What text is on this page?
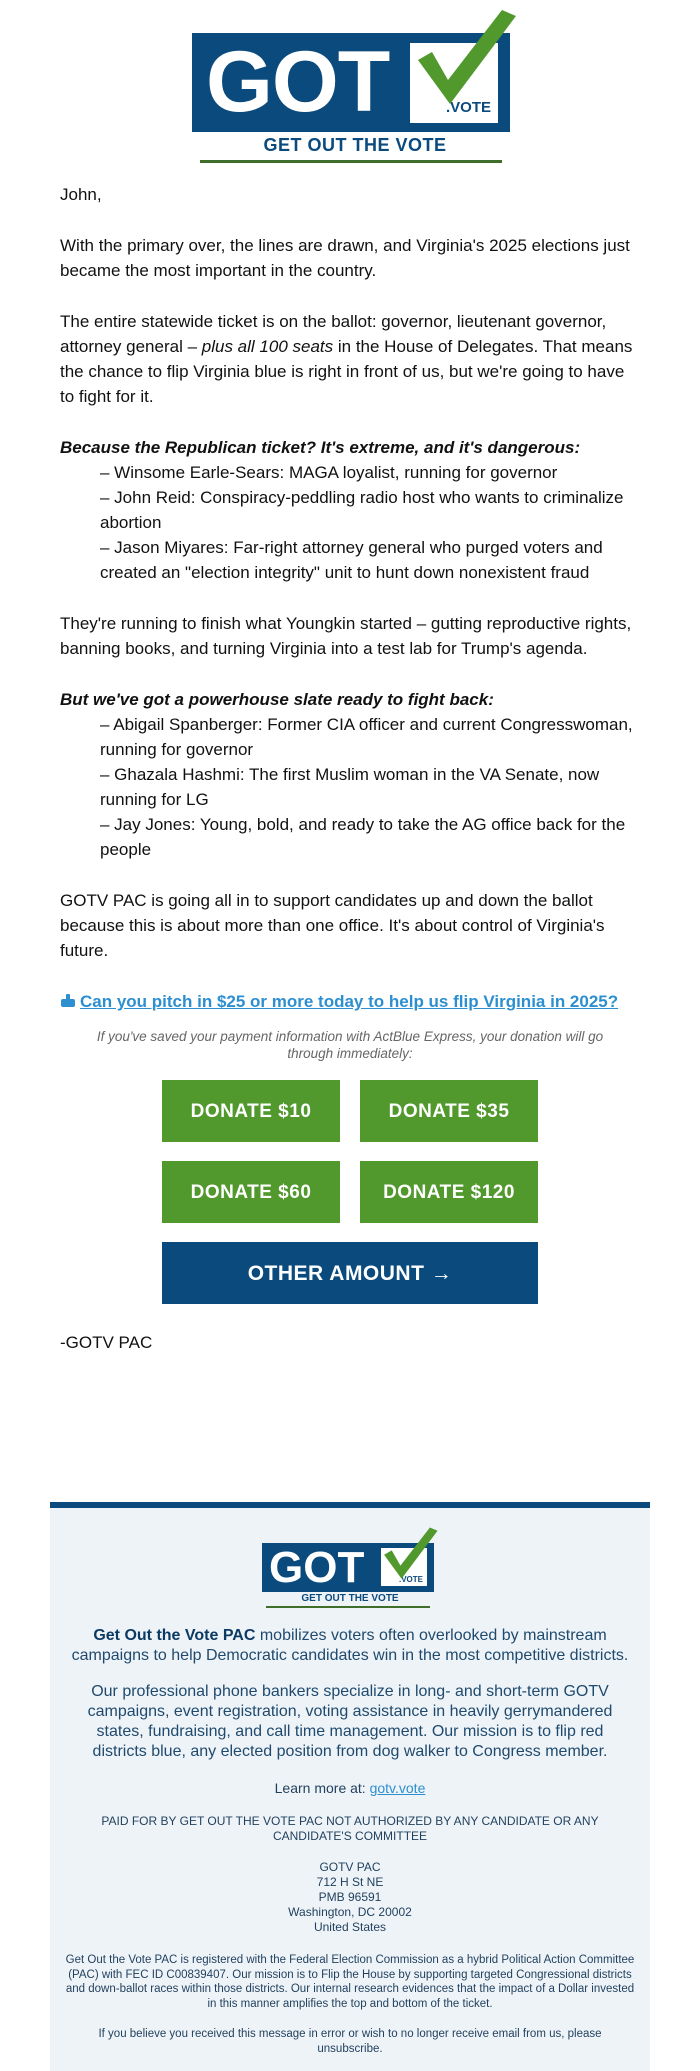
GOT	.VOTE
GET OUT THE VOTE

John,

With the primary over, the lines are drawn, and Virginia's 2025 elections just became the most important in the country.

The entire statewide ticket is on the ballot: governor, lieutenant governor, attorney general – plus all 100 seats in the House of Delegates. That means the chance to flip Virginia blue is right in front of us, but we're going to have to fight for it.

Because the Republican ticket? It's extreme, and it's dangerous:

– Winsome Earle-Sears: MAGA loyalist, running for governor
– John Reid: Conspiracy-peddling radio host who wants to criminalize abortion
– Jason Miyares: Far-right attorney general who purged voters and created an "election integrity" unit to hunt down nonexistent fraud

They're running to finish what Youngkin started – gutting reproductive rights, banning books, and turning Virginia into a test lab for Trump's agenda.

But we've got a powerhouse slate ready to fight back:

– Abigail Spanberger: Former CIA officer and current Congresswoman, running for governor
– Ghazala Hashmi: The first Muslim woman in the VA Senate, now running for LG
– Jay Jones: Young, bold, and ready to take the AG office back for the people

GOTV PAC is going all in to support candidates up and down the ballot because this is about more than one office. It's about control of Virginia's future.

Can you pitch in $25 or more today to help us flip Virginia in 2025?
If you've saved your payment information with ActBlue Express, your donation will go through immediately:
DONATE $10	DONATE $35
DONATE $60	DONATE $120
OTHER AMOUNT →

-GOTV PAC

GOT	.VOTE
GET OUT THE VOTE
Get Out the Vote PAC mobilizes voters often overlooked by mainstream campaigns to help Democratic candidates win in the most competitive districts.
Our professional phone bankers specialize in long- and short-term GOTV campaigns, event registration, voting assistance in heavily gerrymandered states, fundraising, and call time management. Our mission is to flip red districts blue, any elected position from dog walker to Congress member.
Learn more at: gotv.vote
PAID FOR BY GET OUT THE VOTE PAC NOT AUTHORIZED BY ANY CANDIDATE OR ANY CANDIDATE'S COMMITTEE
GOTV PAC
712 H St NE
PMB 96591
Washington, DC 20002
United States
Get Out the Vote PAC is registered with the Federal Election Commission as a hybrid Political Action Committee (PAC) with FEC ID C00839407. Our mission is to Flip the House by supporting targeted Congressional districts and down-ballot races within those districts. Our internal research evidences that the impact of a Dollar invested in this manner amplifies the top and bottom of the ticket.
If you believe you received this message in error or wish to no longer receive email from us, please unsubscribe.
